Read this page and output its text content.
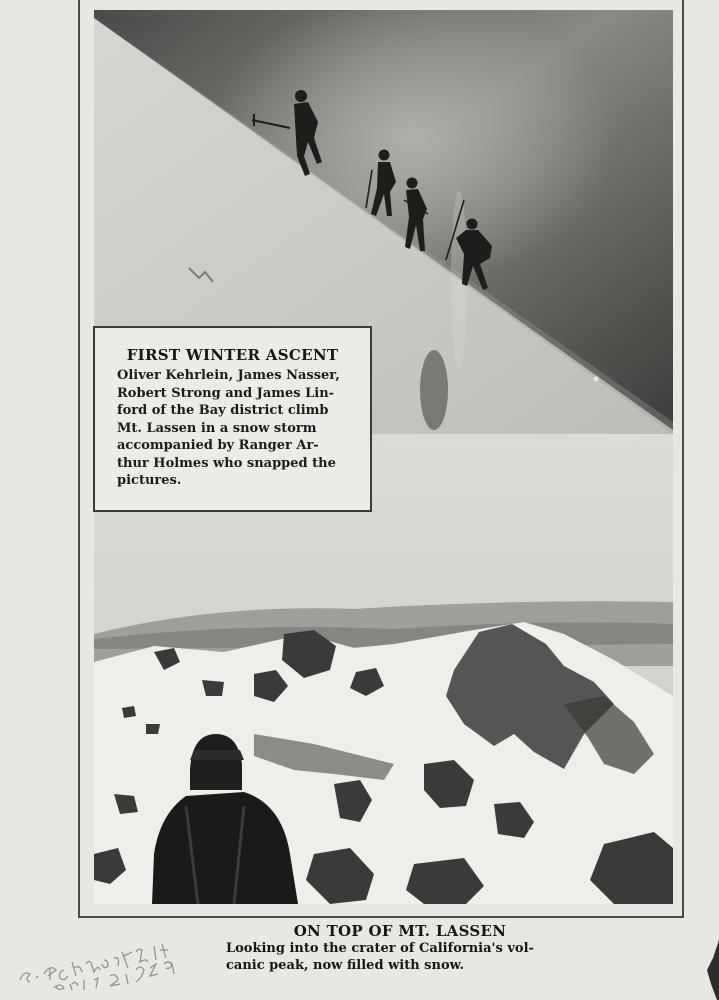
FIRST WINTER ASCENT
Oliver Kehrlein, James Nasser,
Robert Strong and James Lin-
ford of the Bay district climb
Mt. Lassen in a snow storm
accompanied by Ranger Ar-
thur Holmes who snapped the
pictures.
ON TOP OF MT. LASSEN
Looking into the crater of California's vol-
canic peak, now filled with snow.
